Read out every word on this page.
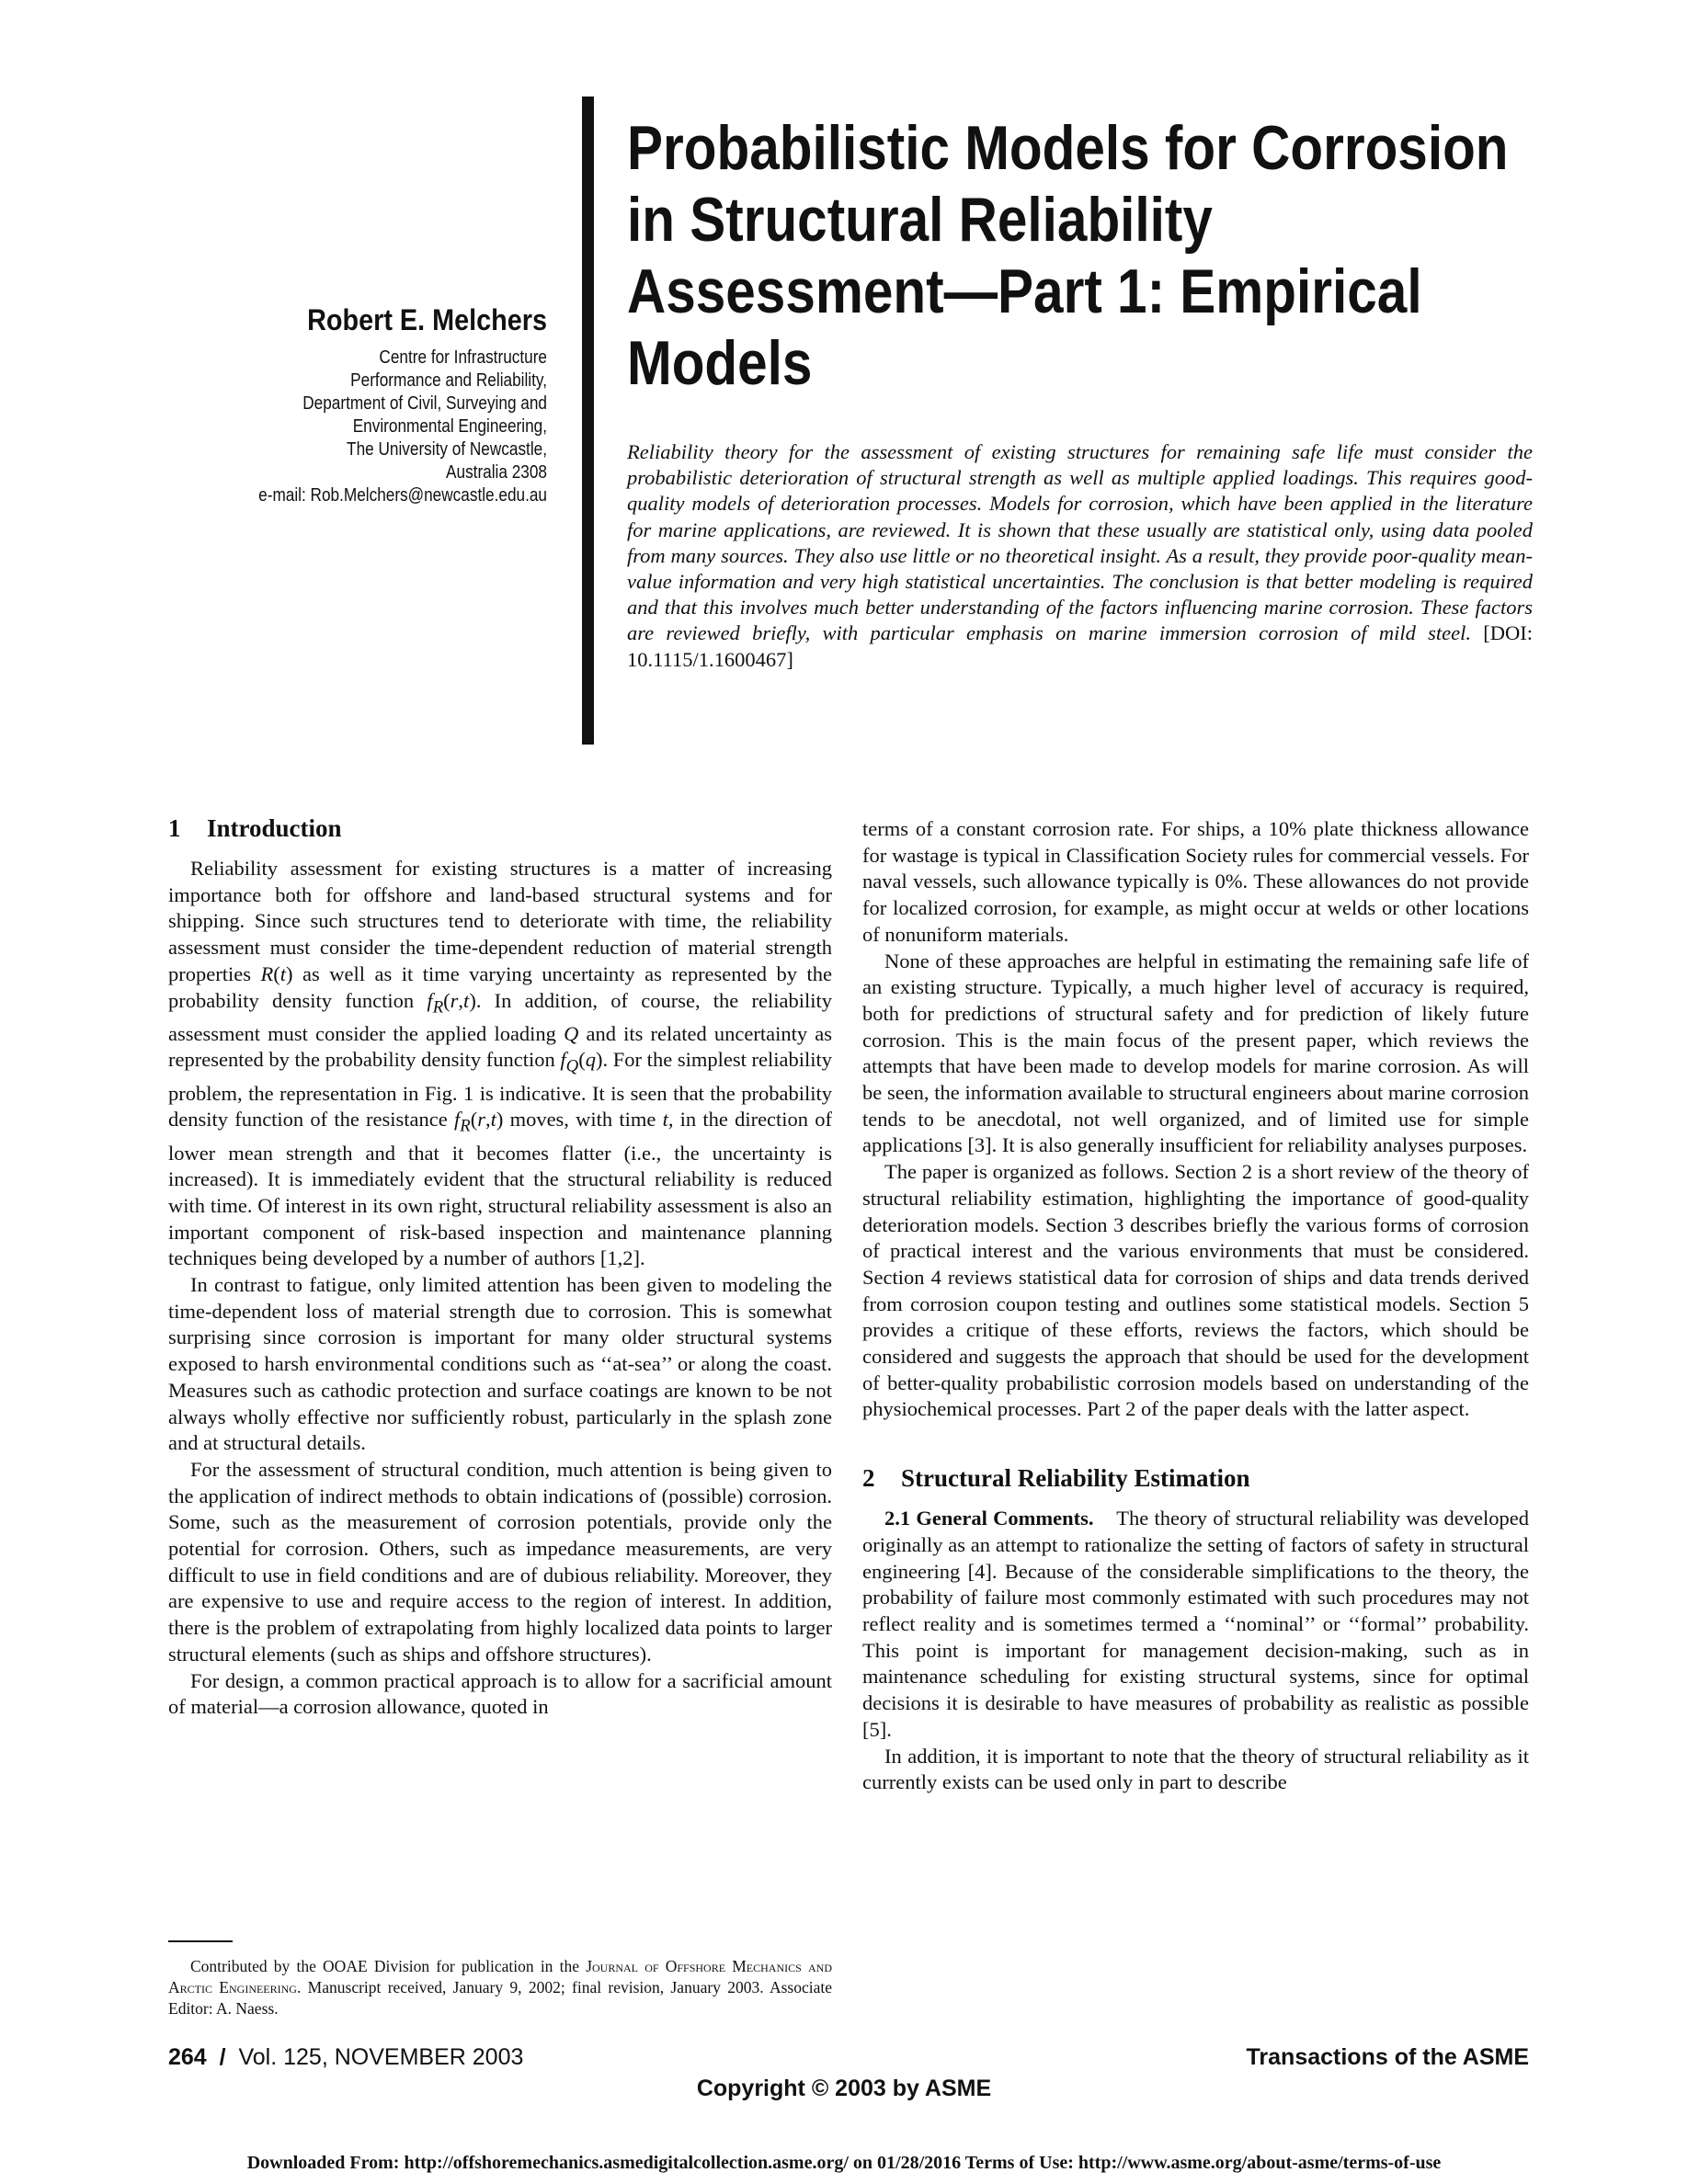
Robert E. Melchers
Centre for Infrastructure
Performance and Reliability,
Department of Civil, Surveying and
Environmental Engineering,
The University of Newcastle,
Australia 2308
e-mail: Rob.Melchers@newcastle.edu.au
Probabilistic Models for Corrosion
in Structural Reliability
Assessment—Part 1: Empirical
Models

Reliability theory for the assessment of existing structures for remaining safe life must consider the probabilistic deterioration of structural strength as well as multiple applied loadings. This requires good-quality models of deterioration processes. Models for corrosion, which have been applied in the literature for marine applications, are reviewed. It is shown that these usually are statistical only, using data pooled from many sources. They also use little or no theoretical insight. As a result, they provide poor-quality mean-value information and very high statistical uncertainties. The conclusion is that better modeling is required and that this involves much better understanding of the factors influencing marine corrosion. These factors are reviewed briefly, with particular emphasis on marine immersion corrosion of mild steel. [DOI: 10.1115/1.1600467]

1 Introduction

Reliability assessment for existing structures is a matter of increasing importance both for offshore and land-based structural systems and for shipping. Since such structures tend to deteriorate with time, the reliability assessment must consider the time-dependent reduction of material strength properties R(t) as well as it time varying uncertainty as represented by the probability density function $f_R(r,t)$. In addition, of course, the reliability assessment must consider the applied loading Q and its related uncertainty as represented by the probability density function $f_Q(q)$. For the simplest reliability problem, the representation in Fig. 1 is indicative. It is seen that the probability density function of the resistance $f_R(r,t)$ moves, with time t, in the direction of lower mean strength and that it becomes flatter (i.e., the uncertainty is increased). It is immediately evident that the structural reliability is reduced with time. Of interest in its own right, structural reliability assessment is also an important component of risk-based inspection and maintenance planning techniques being developed by a number of authors [1,2].

In contrast to fatigue, only limited attention has been given to modeling the time-dependent loss of material strength due to corrosion. This is somewhat surprising since corrosion is important for many older structural systems exposed to harsh environmental conditions such as ‘‘at-sea’’ or along the coast. Measures such as cathodic protection and surface coatings are known to be not always wholly effective nor sufficiently robust, particularly in the splash zone and at structural details.

For the assessment of structural condition, much attention is being given to the application of indirect methods to obtain indications of (possible) corrosion. Some, such as the measurement of corrosion potentials, provide only the potential for corrosion. Others, such as impedance measurements, are very difficult to use in field conditions and are of dubious reliability. Moreover, they are expensive to use and require access to the region of interest. In addition, there is the problem of extrapolating from highly localized data points to larger structural elements (such as ships and offshore structures).

For design, a common practical approach is to allow for a sacrificial amount of material—a corrosion allowance, quoted in

terms of a constant corrosion rate. For ships, a 10% plate thickness allowance for wastage is typical in Classification Society rules for commercial vessels. For naval vessels, such allowance typically is 0%. These allowances do not provide for localized corrosion, for example, as might occur at welds or other locations of nonuniform materials.

None of these approaches are helpful in estimating the remaining safe life of an existing structure. Typically, a much higher level of accuracy is required, both for predictions of structural safety and for prediction of likely future corrosion. This is the main focus of the present paper, which reviews the attempts that have been made to develop models for marine corrosion. As will be seen, the information available to structural engineers about marine corrosion tends to be anecdotal, not well organized, and of limited use for simple applications [3]. It is also generally insufficient for reliability analyses purposes.

The paper is organized as follows. Section 2 is a short review of the theory of structural reliability estimation, highlighting the importance of good-quality deterioration models. Section 3 describes briefly the various forms of corrosion of practical interest and the various environments that must be considered. Section 4 reviews statistical data for corrosion of ships and data trends derived from corrosion coupon testing and outlines some statistical models. Section 5 provides a critique of these efforts, reviews the factors, which should be considered and suggests the approach that should be used for the development of better-quality probabilistic corrosion models based on understanding of the physiochemical processes. Part 2 of the paper deals with the latter aspect.

2 Structural Reliability Estimation

2.1 General Comments. The theory of structural reliability was developed originally as an attempt to rationalize the setting of factors of safety in structural engineering [4]. Because of the considerable simplifications to the theory, the probability of failure most commonly estimated with such procedures may not reflect reality and is sometimes termed a ‘‘nominal’’ or ‘‘formal’’ probability. This point is important for management decision-making, such as in maintenance scheduling for existing structural systems, since for optimal decisions it is desirable to have measures of probability as realistic as possible [5].

In addition, it is important to note that the theory of structural reliability as it currently exists can be used only in part to describe

Contributed by the OOAE Division for publication in the Journal of Offshore Mechanics and Arctic Engineering. Manuscript received, January 9, 2002; final revision, January 2003. Associate Editor: A. Naess.

264 / Vol. 125, NOVEMBER 2003	Transactions of the ASME
Copyright © 2003 by ASME
Downloaded From: http://offshoremechanics.asmedigitalcollection.asme.org/ on 01/28/2016 Terms of Use: http://www.asme.org/about-asme/terms-of-use
